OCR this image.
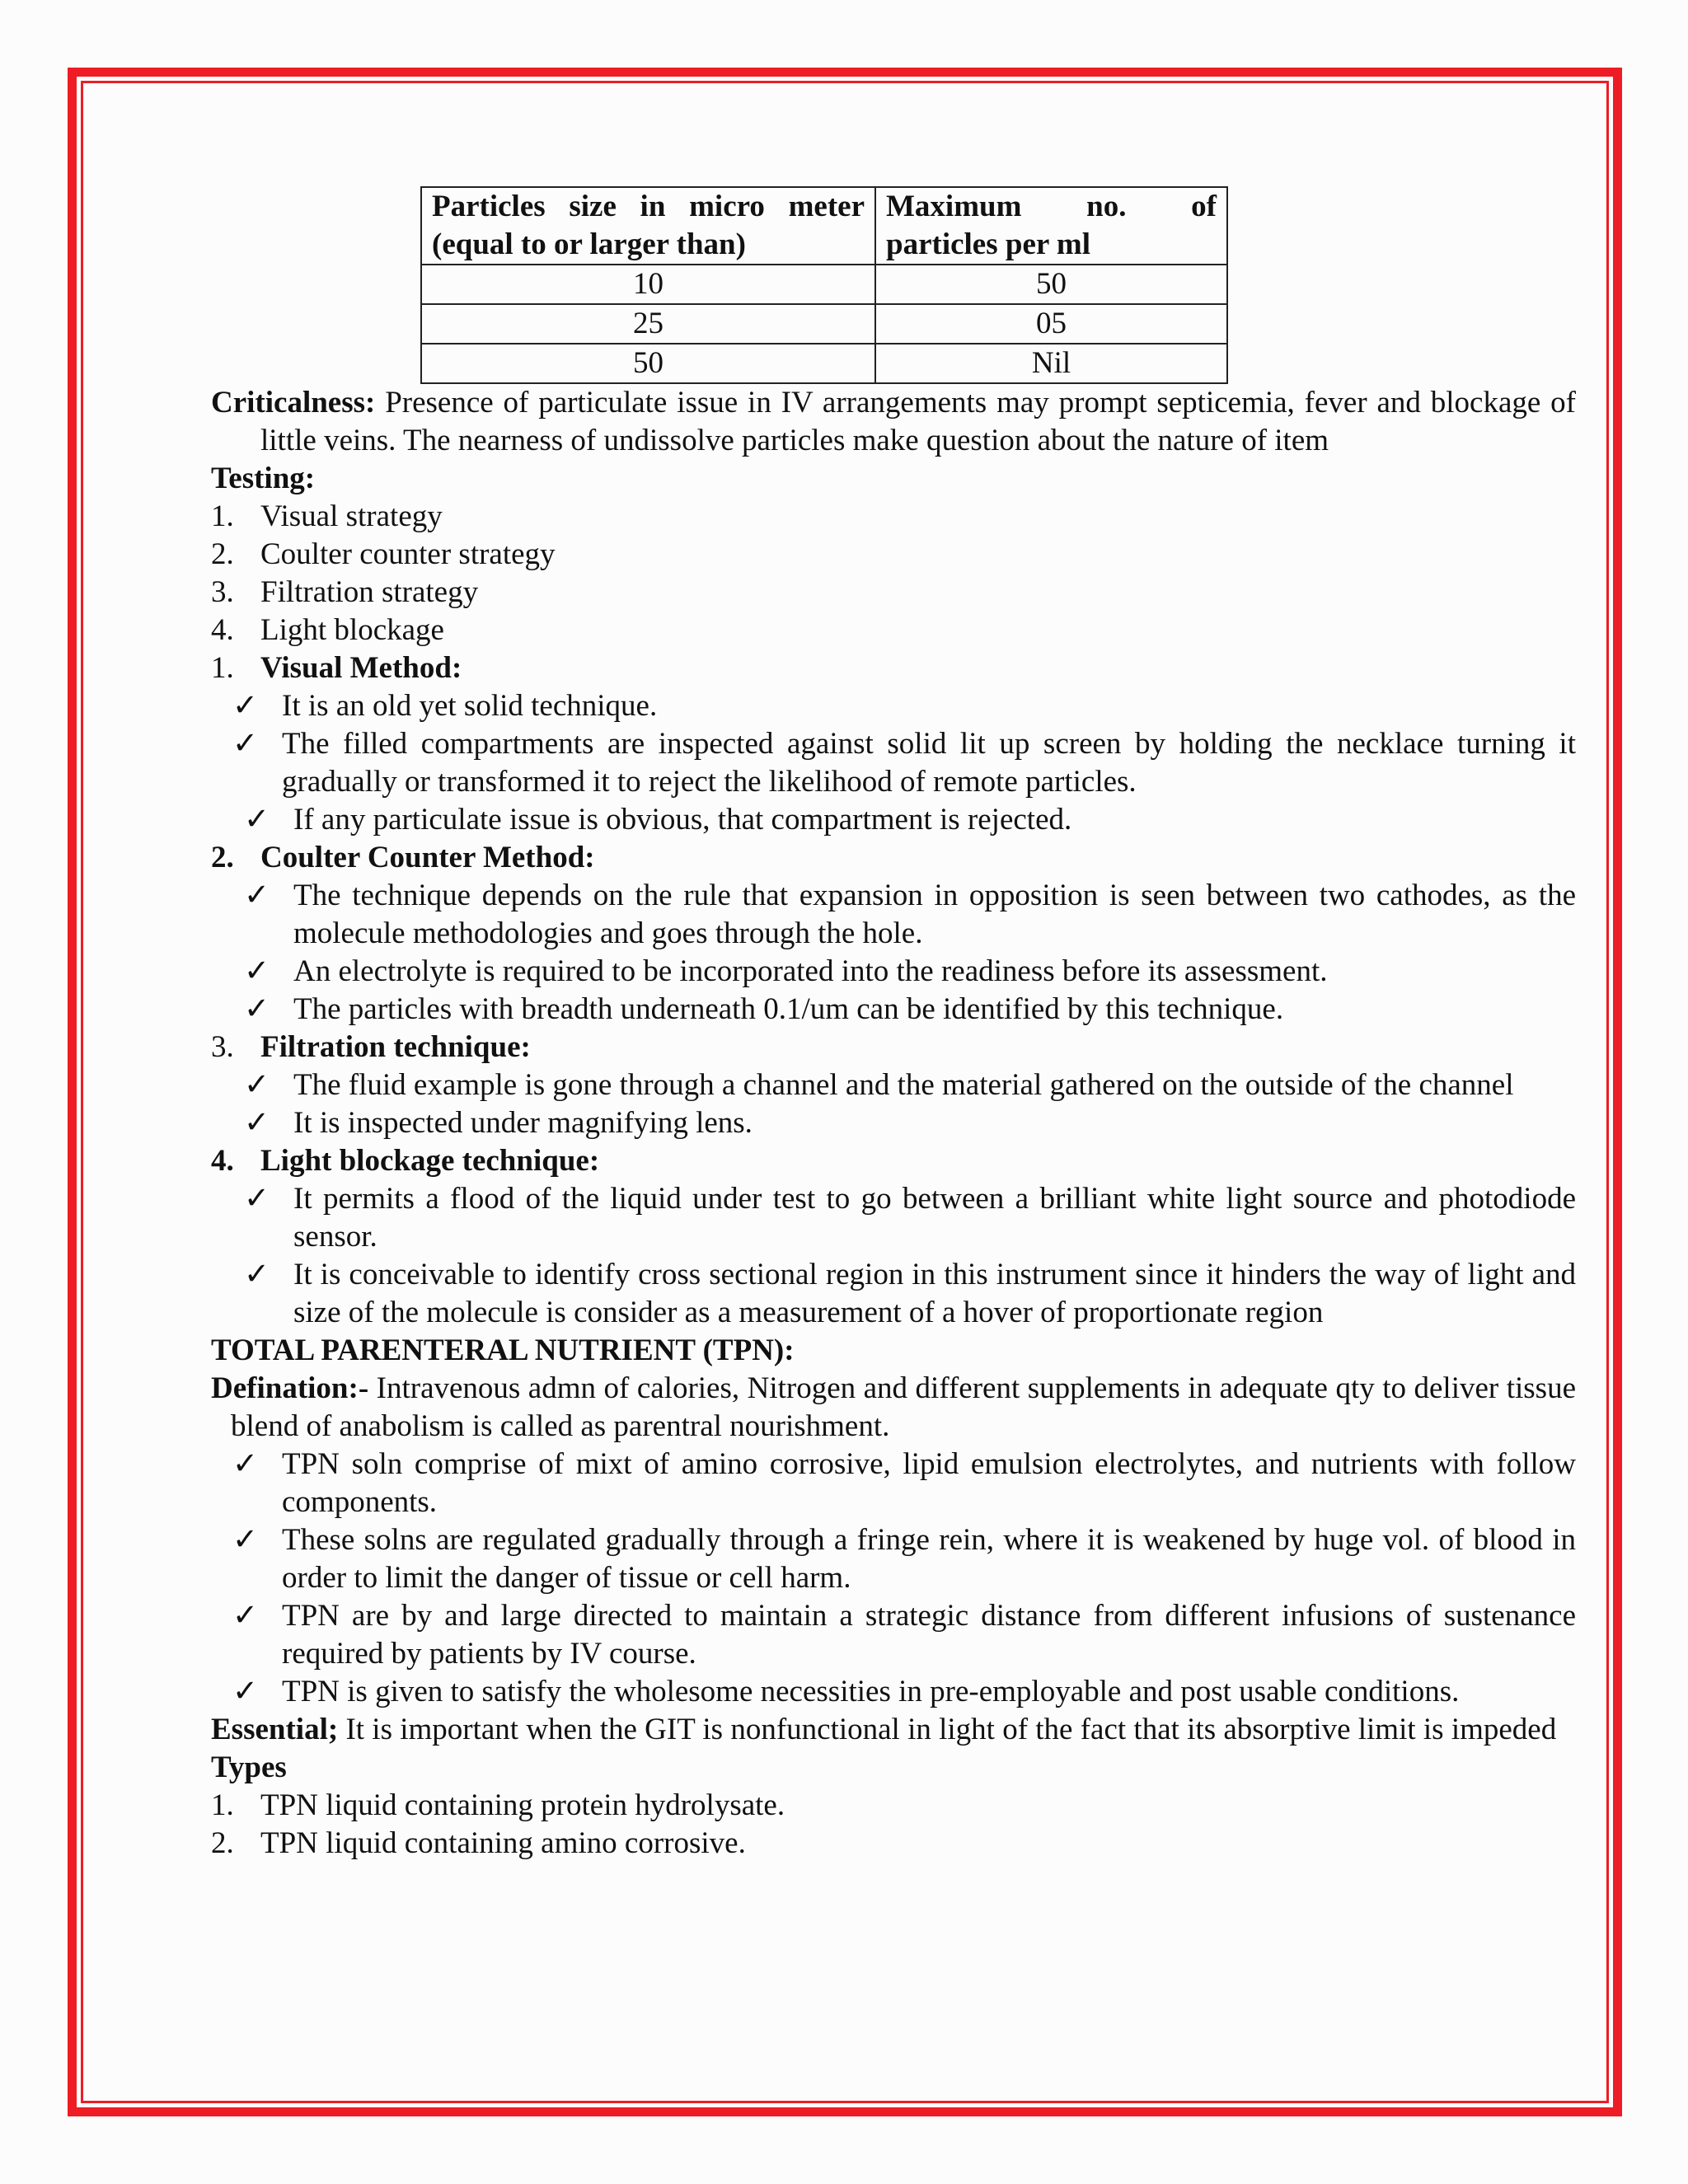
Particles size in micro meter (equal to or larger than)	Maximum no. of particles per ml
10	50
25	05
50	Nil

Criticalness: Presence of particulate issue in IV arrangements may prompt septicemia, fever and blockage of little veins. The nearness of undissolve particles make question about the nature of item

Testing:

1. Visual strategy
2. Coulter counter strategy
3. Filtration strategy
4. Light blockage
1. Visual Method:
✓ It is an old yet solid technique.
✓ The filled compartments are inspected against solid lit up screen by holding the necklace turning it gradually or transformed it to reject the likelihood of remote particles.
✓ If any particulate issue is obvious, that compartment is rejected.
2. Coulter Counter Method:
✓ The technique depends on the rule that expansion in opposition is seen between two cathodes, as the molecule methodologies and goes through the hole.
✓ An electrolyte is required to be incorporated into the readiness before its assessment.
✓ The particles with breadth underneath 0.1/um can be identified by this technique.
3. Filtration technique:
✓ The fluid example is gone through a channel and the material gathered on the outside of the channel
✓ It is inspected under magnifying lens.
4. Light blockage technique:
✓ It permits a flood of the liquid under test to go between a brilliant white light source and photodiode sensor.
✓ It is conceivable to identify cross sectional region in this instrument since it hinders the way of light and size of the molecule is consider as a measurement of a hover of proportionate region

TOTAL PARENTERAL NUTRIENT (TPN):

Defination:- Intravenous admn of calories, Nitrogen and different supplements in adequate qty to deliver tissue blend of anabolism is called as parentral nourishment.

✓ TPN soln comprise of mixt of amino corrosive, lipid emulsion electrolytes, and nutrients with follow components.
✓ These solns are regulated gradually through a fringe rein, where it is weakened by huge vol. of blood in order to limit the danger of tissue or cell harm.
✓ TPN are by and large directed to maintain a strategic distance from different infusions of sustenance required by patients by IV course.
✓ TPN is given to satisfy the wholesome necessities in pre-employable and post usable conditions.

Essential; It is important when the GIT is nonfunctional in light of the fact that its absorptive limit is impeded

Types

1. TPN liquid containing protein hydrolysate.
2. TPN liquid containing amino corrosive.
